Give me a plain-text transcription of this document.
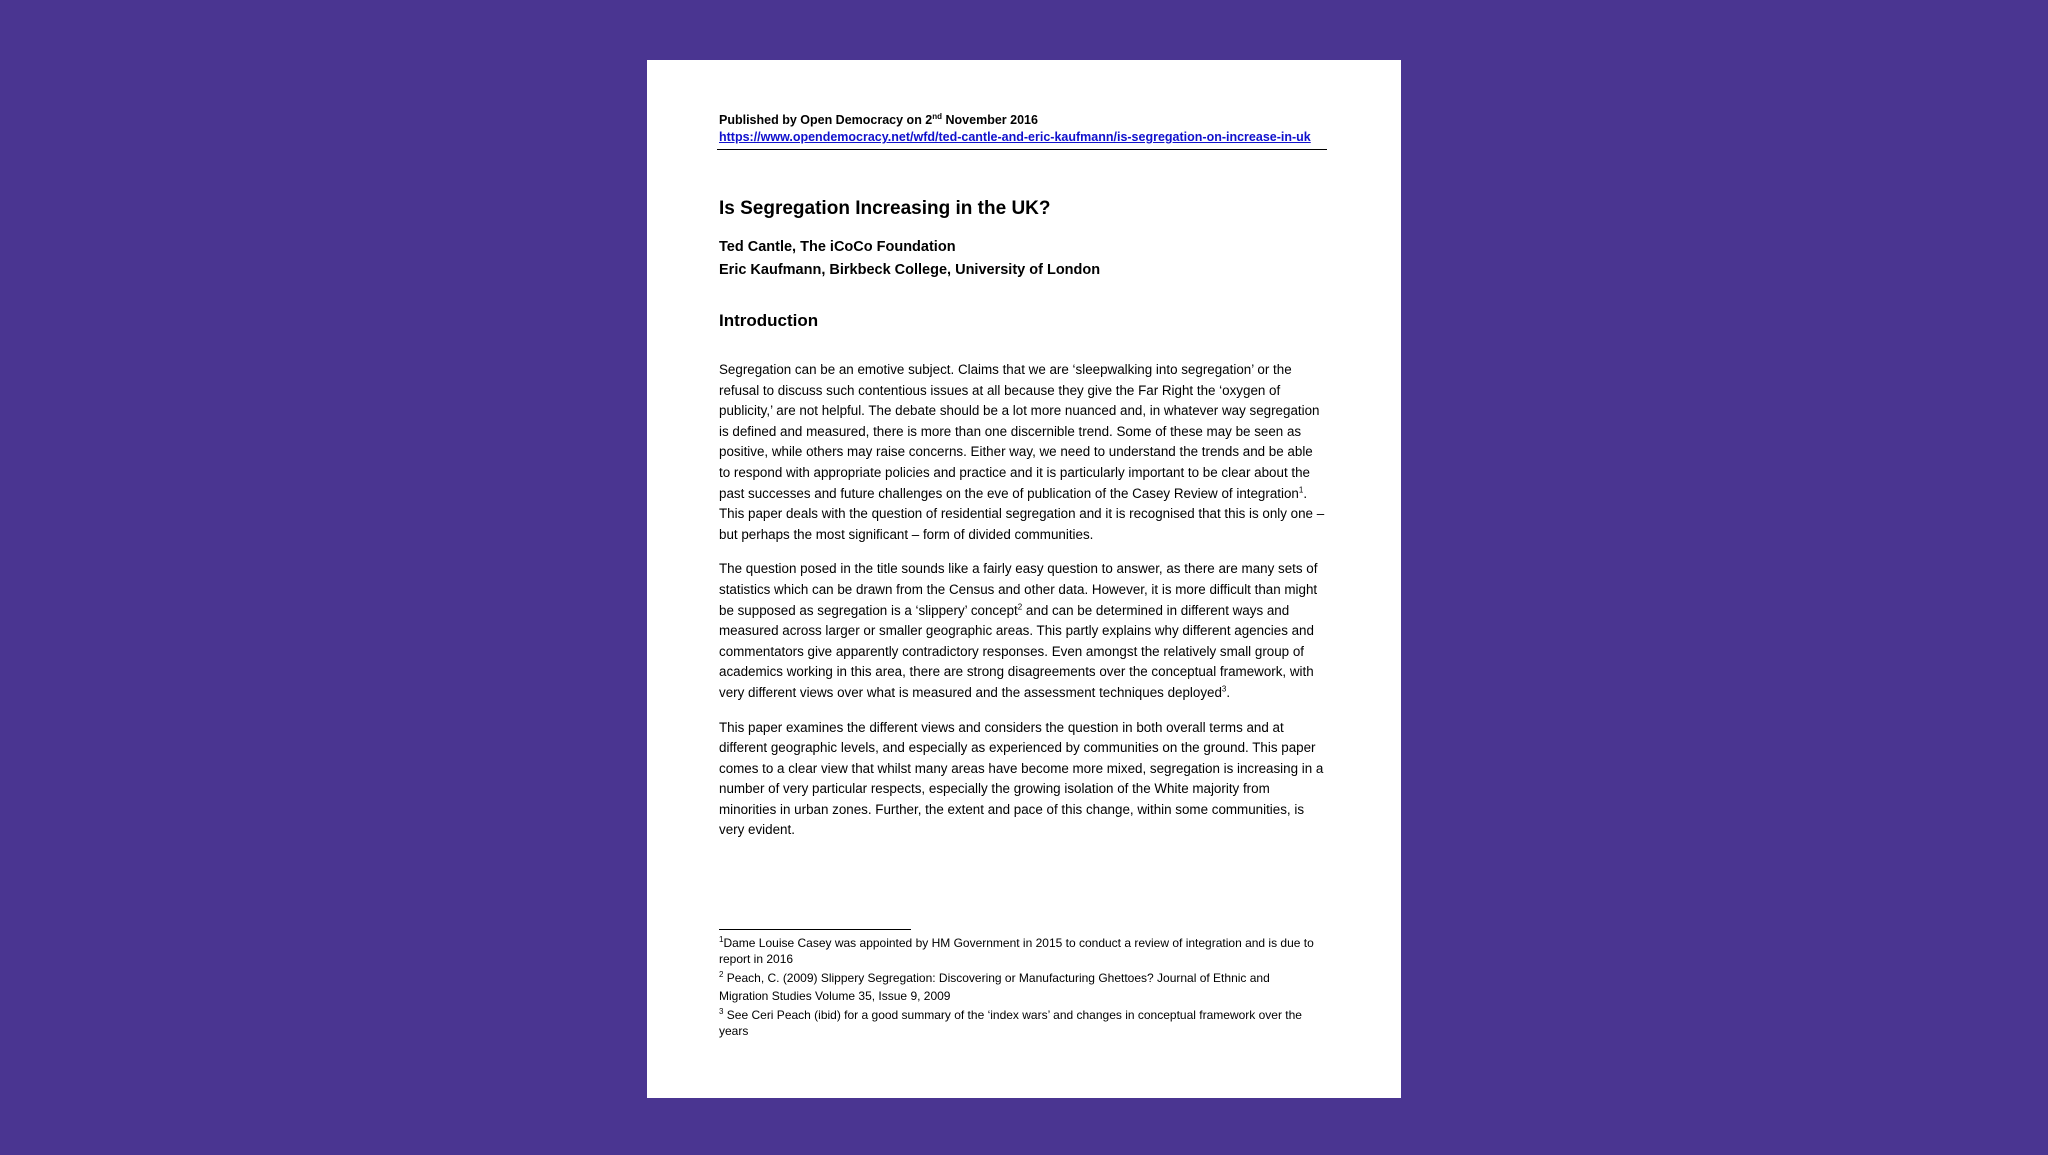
Published by Open Democracy on 2nd November 2016

https://www.opendemocracy.net/wfd/ted-cantle-and-eric-kaufmann/is-segregation-on-increase-in-uk
Is Segregation Increasing in the UK?

Ted Cantle, The iCoCo Foundation

Eric Kaufmann, Birkbeck College, University of London

Introduction

Segregation can be an emotive subject. Claims that we are ‘sleepwalking into segregation’ or the refusal to discuss such contentious issues at all because they give the Far Right the ‘oxygen of publicity,’ are not helpful. The debate should be a lot more nuanced and, in whatever way segregation is defined and measured, there is more than one discernible trend. Some of these may be seen as positive, while others may raise concerns. Either way, we need to understand the trends and be able to respond with appropriate policies and practice and it is particularly important to be clear about the past successes and future challenges on the eve of publication of the Casey Review of integration$^1$. This paper deals with the question of residential segregation and it is recognised that this is only one – but perhaps the most significant – form of divided communities.

The question posed in the title sounds like a fairly easy question to answer, as there are many sets of statistics which can be drawn from the Census and other data. However, it is more difficult than might be supposed as segregation is a ‘slippery’ concept$^2$ and can be determined in different ways and measured across larger or smaller geographic areas. This partly explains why different agencies and commentators give apparently contradictory responses. Even amongst the relatively small group of academics working in this area, there are strong disagreements over the conceptual framework, with very different views over what is measured and the assessment techniques deployed$^3$.

This paper examines the different views and considers the question in both overall terms and at different geographic levels, and especially as experienced by communities on the ground. This paper comes to a clear view that whilst many areas have become more mixed, segregation is increasing in a number of very particular respects, especially the growing isolation of the White majority from minorities in urban zones. Further, the extent and pace of this change, within some communities, is very evident.

$^1$Dame Louise Casey was appointed by HM Government in 2015 to conduct a review of integration and is due to report in 2016

$^2$ Peach, C. (2009) Slippery Segregation: Discovering or Manufacturing Ghettoes? Journal of Ethnic and
Migration Studies Volume 35, Issue 9, 2009

$^3$ See Ceri Peach (ibid) for a good summary of the ‘index wars’ and changes in conceptual framework over the years
